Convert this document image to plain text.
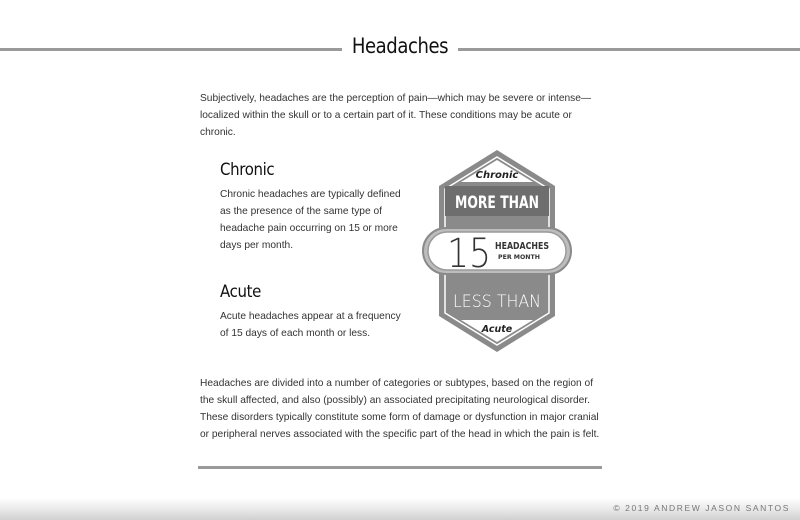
Headaches

Subjectively, headaches are the perception of pain—which may be severe or intense—localized within the skull or to a certain part of it. These conditions may be acute or chronic.

Chronic

Chronic headaches are typically defined as the presence of the same type of headache pain occurring on 15 or more days per month.

Acute

Acute headaches appear at a frequency of 15 days of each month or less.

Chronic
MORE THAN
15 HEADACHES
PER MONTH
LESS THAN
Acute

Headaches are divided into a number of categories or subtypes, based on the region of the skull affected, and also (possibly) an associated precipitating neurological disorder. These disorders typically constitute some form of damage or dysfunction in major cranial or peripheral nerves associated with the specific part of the head in which the pain is felt.

© 2019 ANDREW JASON SANTOS
